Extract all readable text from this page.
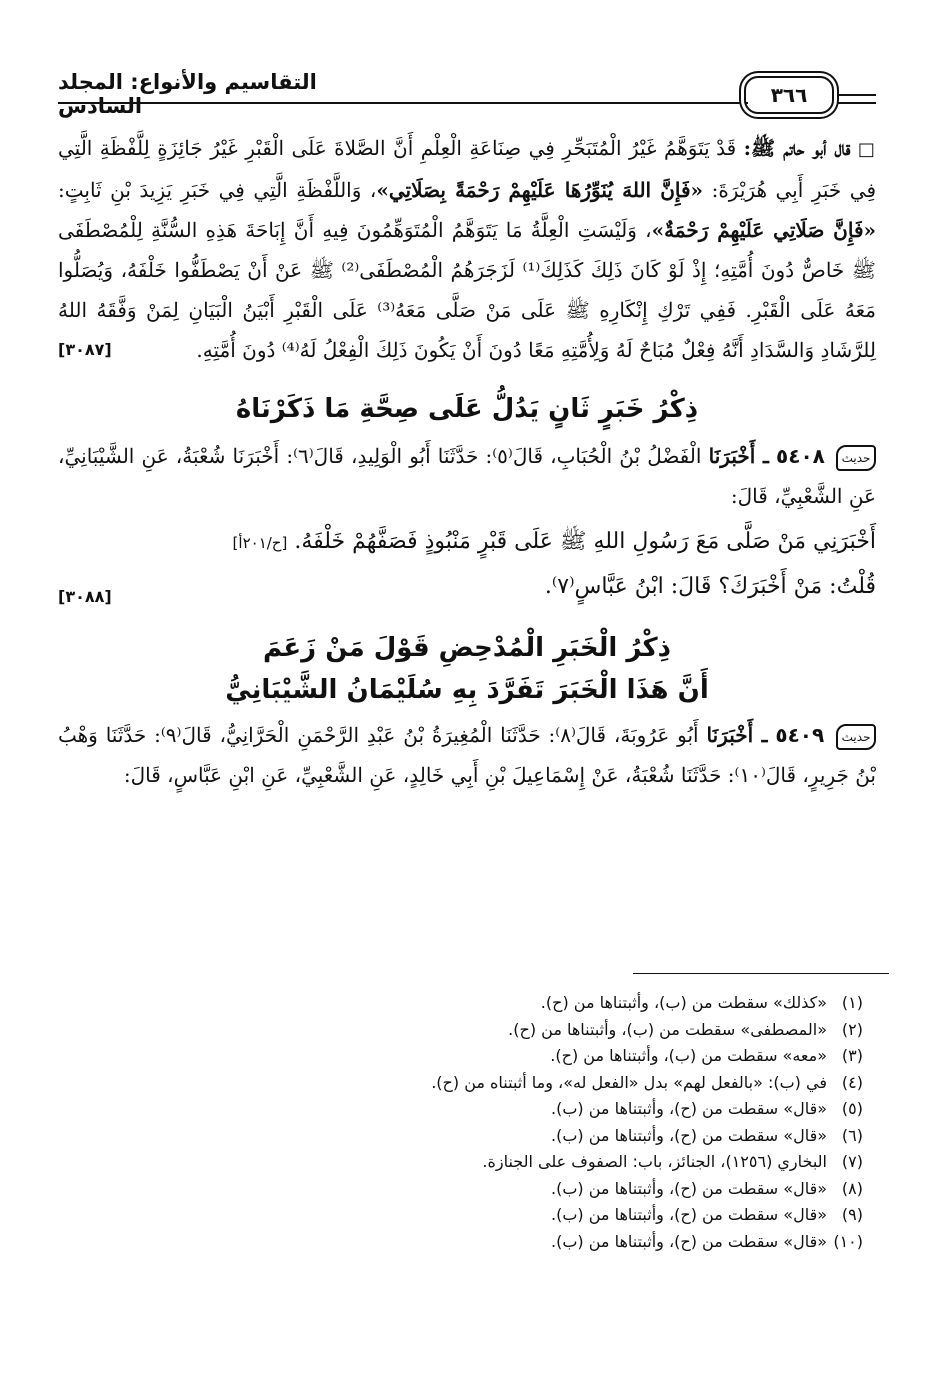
التقاسيم والأنواع: المجلد السادس	٣٦٦

□ قال أبو حاتم ﷺ: قَدْ يَتَوَهَّمُ غَيْرُ الْمُتَبَحِّرِ فِي صِنَاعَةِ الْعِلْمِ أَنَّ الصَّلاةَ عَلَى الْقَبْرِ غَيْرُ جَائِزَةٍ لِلَّفْظَةِ الَّتِي فِي خَبَرِ أَبِي هُرَيْرَةَ: «فَإِنَّ اللهَ يُنَوِّرُهَا عَلَيْهِمْ رَحْمَةً بِصَلَاتِي»، وَاللَّفْظَةِ الَّتِي فِي خَبَرِ يَزِيدَ بْنِ ثَابِتٍ: «فَإِنَّ صَلَاتِي عَلَيْهِمْ رَحْمَةٌ»، وَلَيْسَتِ الْعِلَّةُ مَا يَتَوَهَّمُ الْمُتَوَهِّمُونَ فِيهِ أَنَّ إِبَاحَةَ هَذِهِ السُّنَّةِ لِلْمُصْطَفَى ﷺ خَاصٌّ دُونَ أُمَّتِهِ؛ إِذْ لَوْ كَانَ ذَلِكَ كَذَلِكَ⁽¹⁾ لَزَجَرَهُمُ الْمُصْطَفَى⁽²⁾ ﷺ عَنْ أَنْ يَصْطَفُّوا خَلْفَهُ، وَيُصَلُّوا مَعَهُ عَلَى الْقَبْرِ. فَفِي تَرْكِ إِنْكَارِهِ ﷺ عَلَى مَنْ صَلَّى مَعَهُ⁽³⁾ عَلَى الْقَبْرِ أَبْيَنُ الْبَيَانِ لِمَنْ وَفَّقَهُ اللهُ لِلرَّشَادِ وَالسَّدَادِ أَنَّهُ فِعْلٌ مُبَاحٌ لَهُ وَلِأُمَّتِهِ مَعًا دُونَ أَنْ يَكُونَ ذَلِكَ الْفِعْلُ لَهُ⁽⁴⁾ دُونَ أُمَّتِهِ.
[٣٠٨٧]

ذِكْرُ خَبَرٍ ثَانٍ يَدُلُّ عَلَى صِحَّةِ مَا ذَكَرْنَاهُ

حديث ٥٤٠٨ ـ أَخْبَرَنَا الْفَضْلُ بْنُ الْحُبَابِ، قَالَ⁽٥⁾: حَدَّثَنَا أَبُو الْوَلِيدِ، قَالَ⁽٦⁾: أَخْبَرَنَا شُعْبَةُ، عَنِ الشَّيْبَانِيِّ، عَنِ الشَّعْبِيِّ، قَالَ:

أَخْبَرَنِي مَنْ صَلَّى مَعَ رَسُولِ اللهِ ﷺ عَلَى قَبْرٍ مَنْبُوذٍ فَصَفَّهُمْ خَلْفَهُ. [ح/٢٠١أ]
قُلْتُ: مَنْ أَخْبَرَكَ؟ قَالَ: ابْنُ عَبَّاسٍ⁽٧⁾.
[٣٠٨٨]

ذِكْرُ الْخَبَرِ الْمُدْحِضِ قَوْلَ مَنْ زَعَمَ
أَنَّ هَذَا الْخَبَرَ تَفَرَّدَ بِهِ سُلَيْمَانُ الشَّيْبَانِيُّ

حديث ٥٤٠٩ ـ أَخْبَرَنَا أَبُو عَرُوبَةَ، قَالَ⁽٨⁾: حَدَّثَنَا الْمُغِيرَةُ بْنُ عَبْدِ الرَّحْمَنِ الْحَرَّانِيُّ، قَالَ⁽٩⁾: حَدَّثَنَا وَهْبُ بْنُ جَرِيرٍ، قَالَ⁽١٠⁾: حَدَّثَنَا شُعْبَةُ، عَنْ إِسْمَاعِيلَ بْنِ أَبِي خَالِدٍ، عَنِ الشَّعْبِيِّ، عَنِ ابْنِ عَبَّاسٍ، قَالَ:

(١)«كذلك» سقطت من (ب)، وأثبتناها من (ح).
(٢)«المصطفى» سقطت من (ب)، وأثبتناها من (ح).
(٣)«معه» سقطت من (ب)، وأثبتناها من (ح).
(٤)في (ب): «بالفعل لهم» بدل «الفعل له»، وما أثبتناه من (ح).
(٥)«قال» سقطت من (ح)، وأثبتناها من (ب).
(٦)«قال» سقطت من (ح)، وأثبتناها من (ب).
(٧)البخاري (١٢٥٦)، الجنائز، باب: الصفوف على الجنازة.
(٨)«قال» سقطت من (ح)، وأثبتناها من (ب).
(٩)«قال» سقطت من (ح)، وأثبتناها من (ب).
(١٠)«قال» سقطت من (ح)، وأثبتناها من (ب).
